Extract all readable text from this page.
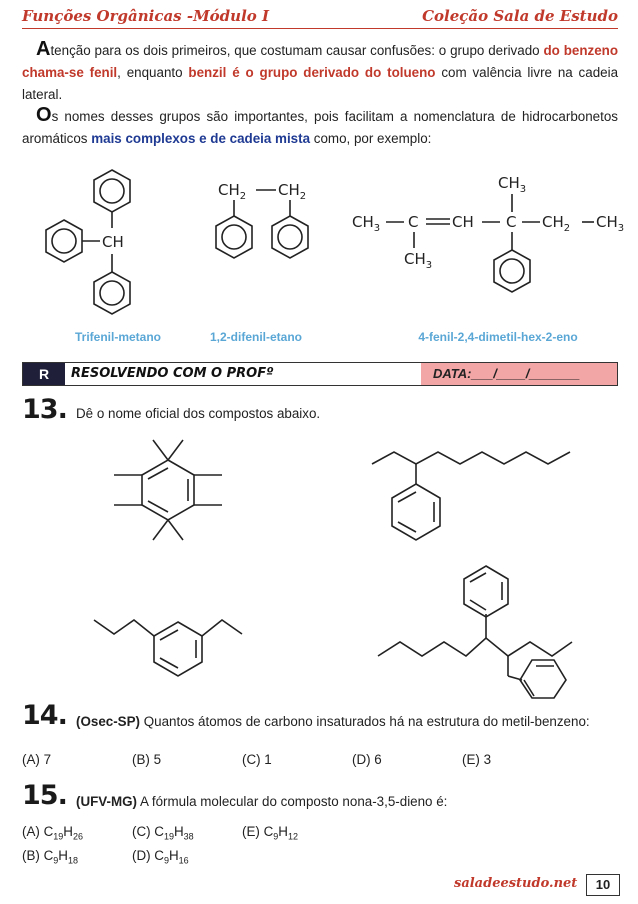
Funções Orgânicas -Módulo I	Coleção Sala de Estudo
Atenção para os dois primeiros, que costumam causar confusões: o grupo derivado do benzeno chama-se fenil, enquanto benzil é o grupo derivado do tolueno com valência livre na cadeia lateral.
Os nomes desses grupos são importantes, pois facilitam a nomenclatura de hidrocarbonetos aromáticos mais complexos e de cadeia mista como, por exemplo:
CH
$CH_2$ $CH_2$
$CH_3$ C CH C $CH_2$ $CH_3$
$CH_3$
$CH_3$
Trifenil-metano	1,2-difenil-etano	4-fenil-2,4-dimetil-hex-2-eno
R	RESOLVENDO COM O PROFº	DATA:___/____/_______
13. Dê o nome oficial dos compostos abaixo.
14. (Osec-SP) Quantos átomos de carbono insaturados há na estrutura do metil-benzeno:
(A) 7	(B) 5	(C) 1	(D) 6	(E) 3
15. (UFV-MG) A fórmula molecular do composto nona-3,5-dieno é:
(A) $C_{19}H_{26}$	(C) $C_{19}H_{38}$	(E) $C_9H_{12}$
(B) $C_9H_{18}$	(D) $C_9H_{16}$
saladeestudo.net	10
